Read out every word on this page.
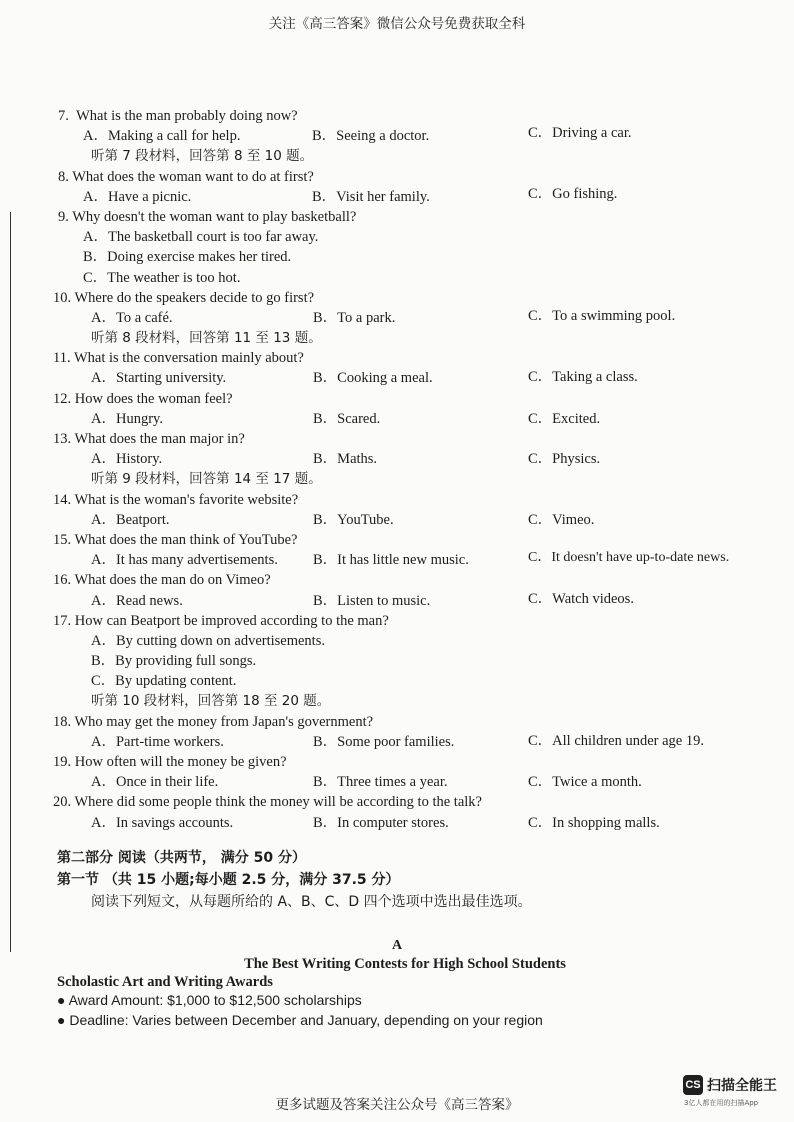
关注《高三答案》微信公众号免费获取全科
7. What is the man probably doing now?
A．Making a call for help.	B．Seeing a doctor.	C．Driving a car.
听第 7 段材料，回答第 8 至 10 题。
8. What does the woman want to do at first?
A．Have a picnic.	B．Visit her family.	C．Go fishing.
9. Why doesn't the woman want to play basketball?
A．The basketball court is too far away.
B．Doing exercise makes her tired.
C．The weather is too hot.
10. Where do the speakers decide to go first?
A．To a café.	B．To a park.	C．To a swimming pool.
听第 8 段材料，回答第 11 至 13 题。
11. What is the conversation mainly about?
A．Starting university.	B．Cooking a meal.	C．Taking a class.
12. How does the woman feel?
A．Hungry.	B．Scared.	C．Excited.
13. What does the man major in?
A．History.	B．Maths.	C．Physics.
听第 9 段材料，回答第 14 至 17 题。
14. What is the woman's favorite website?
A．Beatport.	B．YouTube.	C．Vimeo.
15. What does the man think of YouTube?
A．It has many advertisements. B．It has little new music.	C．It doesn't have up-to-date news.
16. What does the man do on Vimeo?
A．Read news.	B．Listen to music.	C．Watch videos.
17. How can Beatport be improved according to the man?
A．By cutting down on advertisements.
B．By providing full songs.
C．By updating content.
听第 10 段材料，回答第 18 至 20 题。
18. Who may get the money from Japan's government?
A．Part-time workers.	B．Some poor families.	C．All children under age 19.
19. How often will the money be given?
A．Once in their life.	B．Three times a year.	C．Twice a month.
20. Where did some people think the money will be according to the talk?
A．In savings accounts.	B．In computer stores.	C．In shopping malls.
第二部分 阅读（共两节， 满分 50 分）
第一节 （共 15 小题;每小题 2.5 分，满分 37.5 分）
阅读下列短文，从每题所给的 A、B、C、D 四个选项中选出最佳选项。
A
The Best Writing Contests for High School Students
Scholastic Art and Writing Awards
● Award Amount: $1,000 to $12,500 scholarships
● Deadline: Varies between December and January, depending on your region
CS 扫描全能王
3亿人都在用的扫描App
更多试题及答案关注公众号《高三答案》
